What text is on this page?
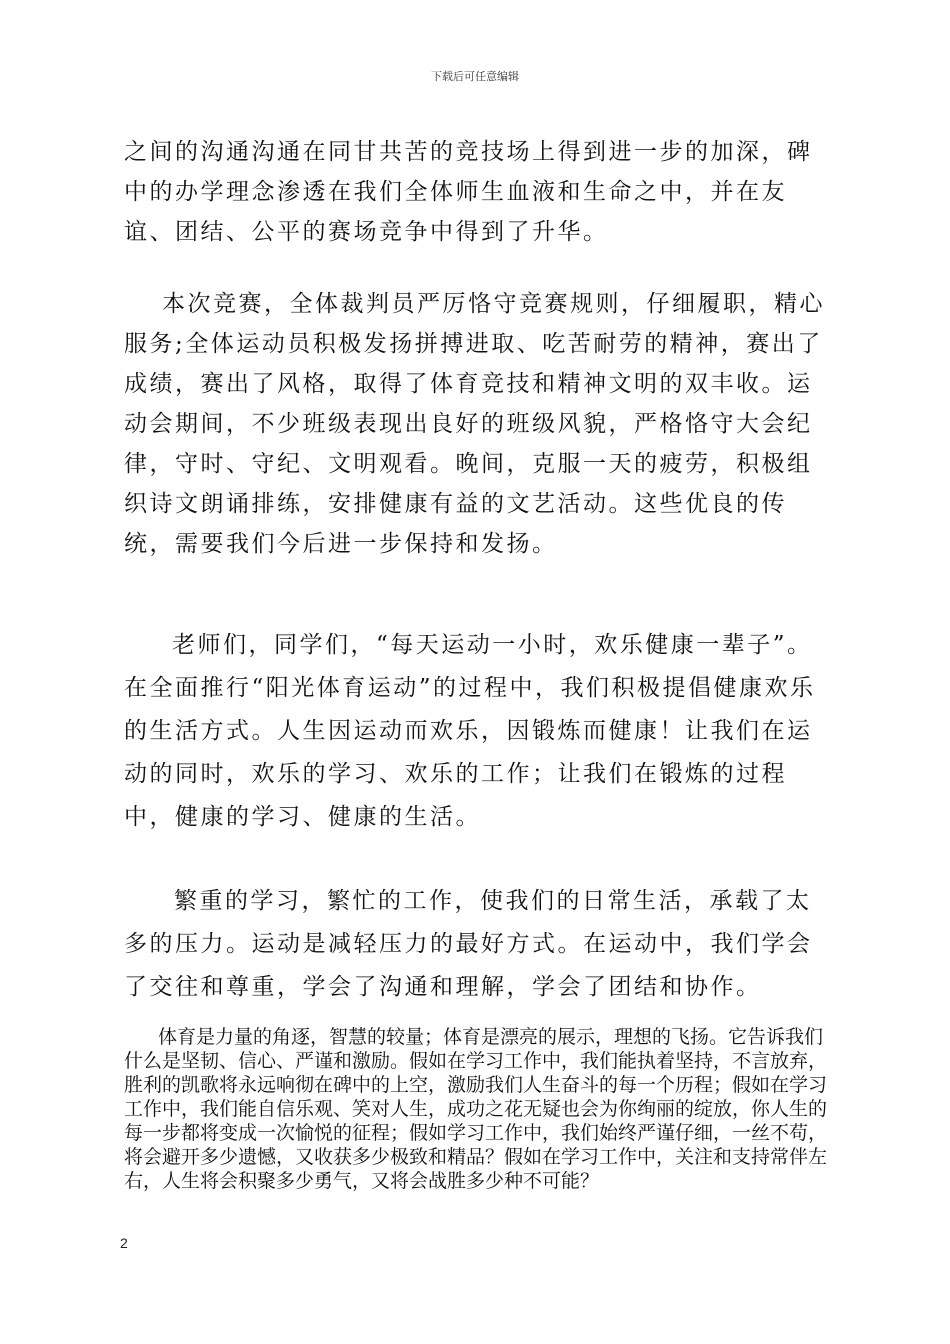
下载后可任意编辑

之间的沟通沟通在同甘共苦的竞技场上得到进一步的加深，碑中的办学理念渗透在我们全体师生血液和生命之中，并在友谊、团结、公平的赛场竞争中得到了升华。

本次竞赛，全体裁判员严厉恪守竞赛规则，仔细履职，精心服务;全体运动员积极发扬拼搏进取、吃苦耐劳的精神，赛出了成绩，赛出了风格，取得了体育竞技和精神文明的双丰收。运动会期间，不少班级表现出良好的班级风貌，严格恪守大会纪律，守时、守纪、文明观看。晚间，克服一天的疲劳，积极组织诗文朗诵排练，安排健康有益的文艺活动。这些优良的传统，需要我们今后进一步保持和发扬。

老师们，同学们，“每天运动一小时，欢乐健康一辈子”。在全面推行“阳光体育运动”的过程中，我们积极提倡健康欢乐的生活方式。人生因运动而欢乐，因锻炼而健康！让我们在运动的同时，欢乐的学习、欢乐的工作；让我们在锻炼的过程中，健康的学习、健康的生活。

繁重的学习，繁忙的工作，使我们的日常生活，承载了太多的压力。运动是减轻压力的最好方式。在运动中，我们学会了交往和尊重，学会了沟通和理解，学会了团结和协作。

体育是力量的角逐，智慧的较量；体育是漂亮的展示，理想的飞扬。它告诉我们什么是坚韧、信心、严谨和激励。假如在学习工作中，我们能执着坚持，不言放弃，胜利的凯歌将永远响彻在碑中的上空，激励我们人生奋斗的每一个历程；假如在学习工作中，我们能自信乐观、笑对人生，成功之花无疑也会为你绚丽的绽放，你人生的每一步都将变成一次愉悦的征程；假如学习工作中，我们始终严谨仔细，一丝不苟，将会避开多少遗憾，又收获多少极致和精品？假如在学习工作中，关注和支持常伴左右，人生将会积聚多少勇气，又将会战胜多少种不可能？

2
